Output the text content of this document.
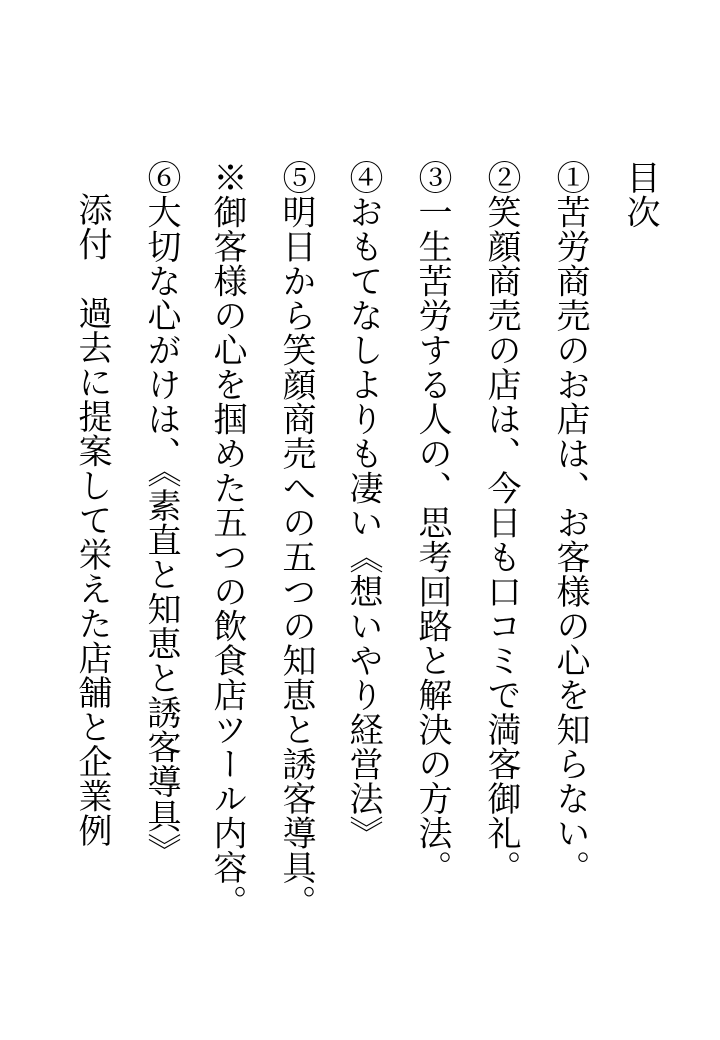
目次
①苦労商売のお店は、お客様の心を知らない。
②笑顔商売の店は、今日も口コミで満客御礼。
③一生苦労する人の、思考回路と解決の方法。
④おもてなしよりも凄い《想いやり経営法》
⑤明日から笑顔商売への五つの知恵と誘客導具。
※御客様の心を掴めた五つの飲食店ツール内容。
⑥大切な心がけは、《素直と知恵と誘客導具》
添付　過去に提案して栄えた店舗と企業例
